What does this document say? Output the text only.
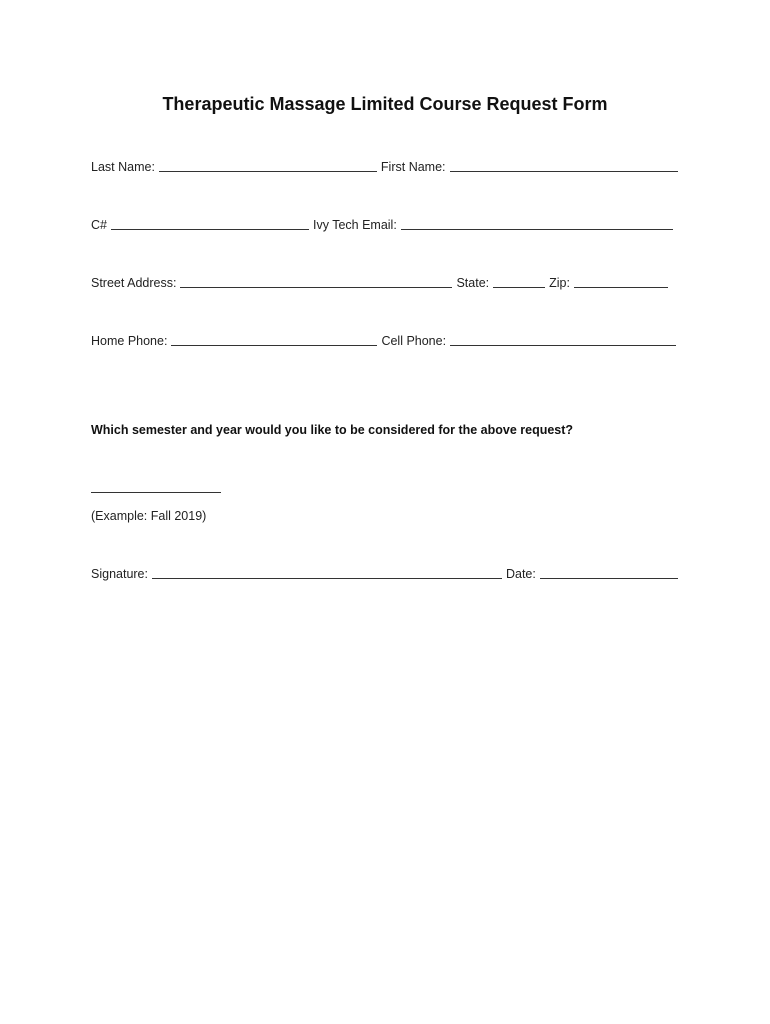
Therapeutic Massage Limited Course Request Form
Last Name:	First Name:
C#	Ivy Tech Email:
Street Address:	State:	Zip:
Home Phone:	Cell Phone:
Which semester and year would you like to be considered for the above request?
(Example: Fall 2019)
Signature:	Date:
